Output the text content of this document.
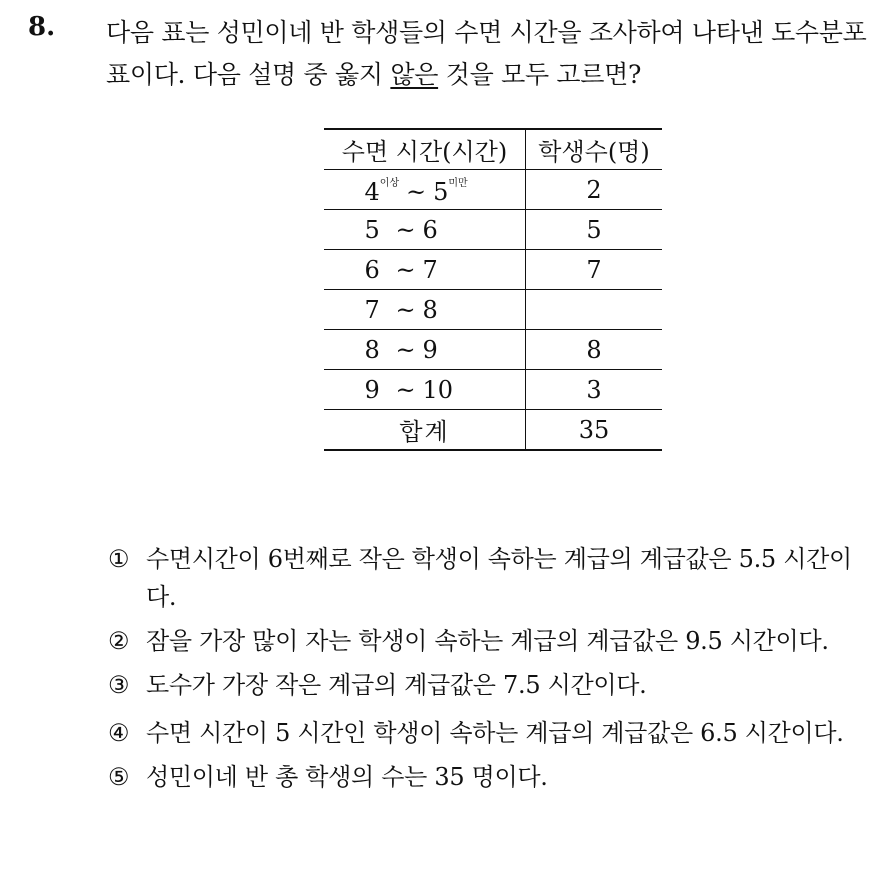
8. 다음 표는 성민이네 반 학생들의 수면 시간을 조사하여 나타낸 도수분포표이다. 다음 설명 중 옳지 않은 것을 모두 고르면?
수면 시간(시간)	학생수(명)
$4^{이상}$ ~ $5^{미만}$	2
5 ~ 6	5
6 ~ 7	7
7 ~ 8	
8 ~ 9	8
9 ~ 10	3
합계	35
① 수면시간이 6번째로 작은 학생이 속하는 계급의 계급값은 5.5 시간이다.
② 잠을 가장 많이 자는 학생이 속하는 계급의 계급값은 9.5 시간이다.
③ 도수가 가장 작은 계급의 계급값은 7.5 시간이다.
④ 수면 시간이 5 시간인 학생이 속하는 계급의 계급값은 6.5 시간이다.
⑤ 성민이네 반 총 학생의 수는 35 명이다.
